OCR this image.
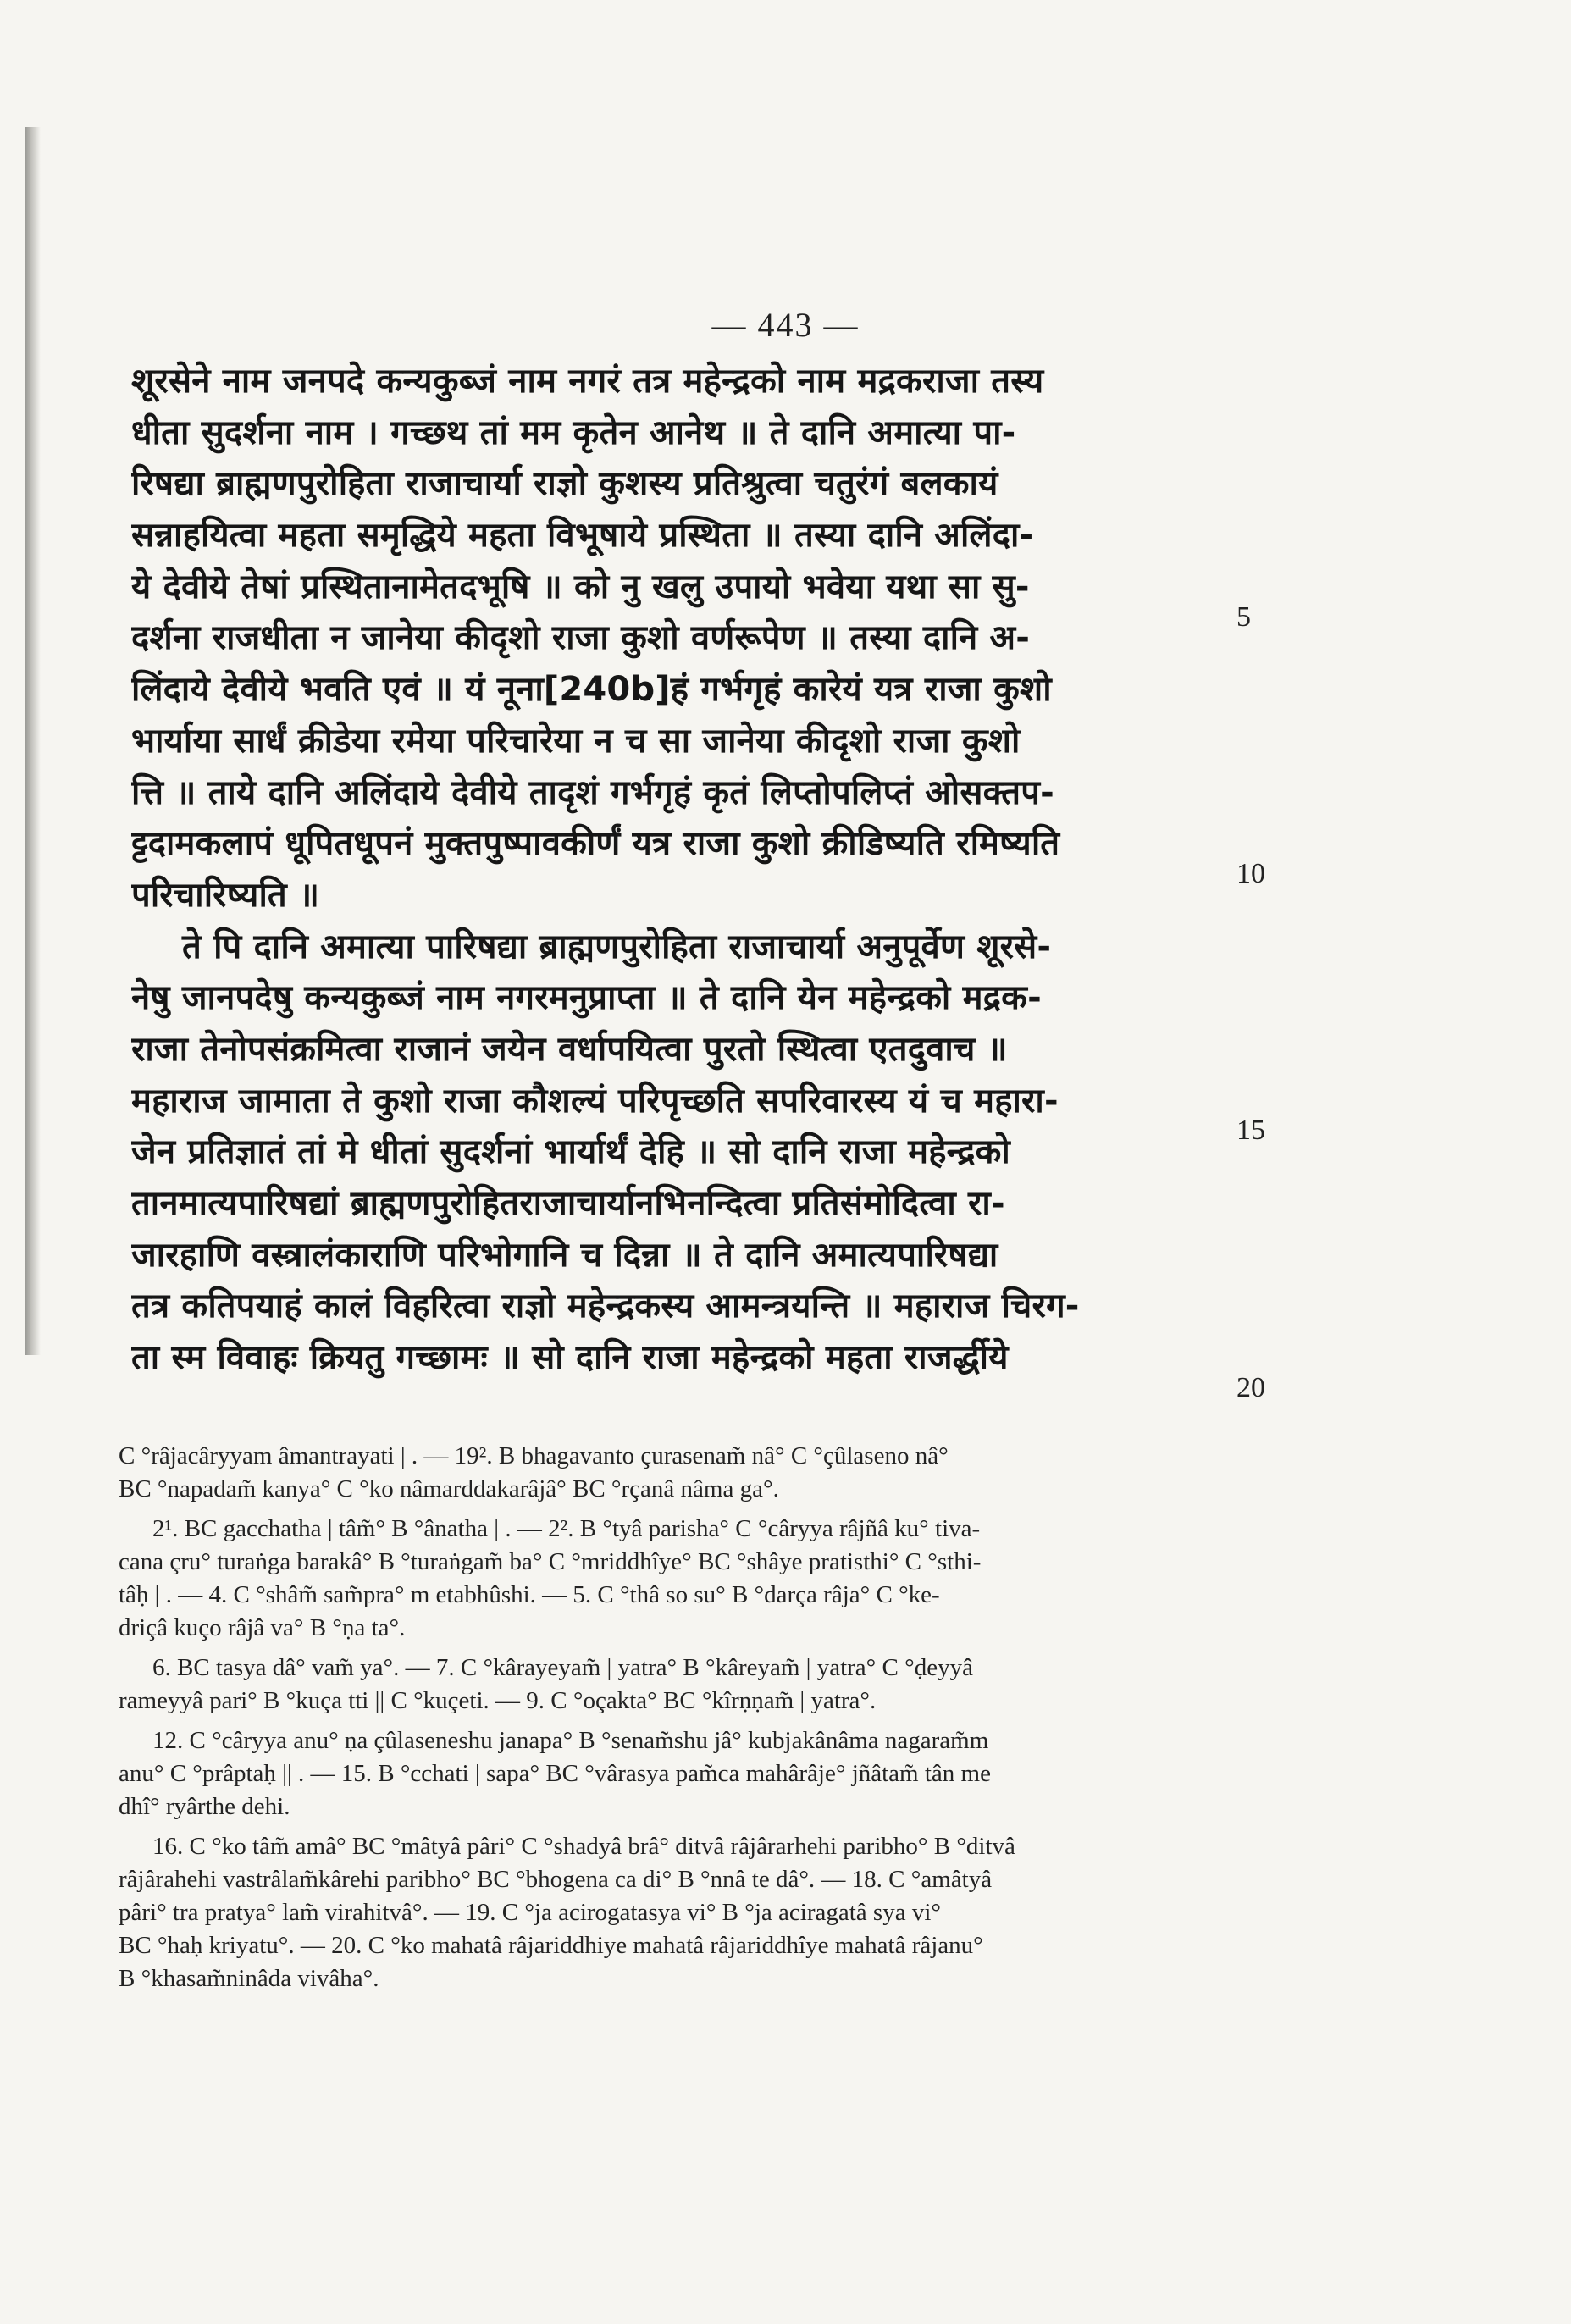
— 443 —
शूरसेने नाम जनपदे कन्यकुब्जं नाम नगरं तत्र महेन्द्रको नाम मद्रकराजा तस्य
धीता सुदर्शना नाम । गच्छथ तां मम कृतेन आनेथ ॥ ते दानि अमात्या पा-
रिषद्या ब्राह्मणपुरोहिता राजाचार्या राज्ञो कुशस्य प्रतिश्रुत्वा चतुरंगं बलकायं
सन्नाहयित्वा महता समृद्धिये महता विभूषाये प्रस्थिता ॥ तस्या दानि अलिंदा-
ये देवीये तेषां प्रस्थितानामेतदभूषि ॥ को नु खलु उपायो भवेया यथा सा सु-
दर्शना राजधीता न जानेया कीदृशो राजा कुशो वर्णरूपेण ॥ तस्या दानि अ-
लिंदाये देवीये भवति एवं ॥ यं नूना[240b]हं गर्भगृहं कारेयं यत्र राजा कुशो
भार्याया सार्धं क्रीडेया रमेया परिचारेया न च सा जानेया कीदृशो राजा कुशो
त्ति ॥ ताये दानि अलिंदाये देवीये तादृशं गर्भगृहं कृतं लिप्तोपलिप्तं ओसक्तप-
ट्टदामकलापं धूपितधूपनं मुक्तपुष्पावकीर्णं यत्र राजा कुशो क्रीडिष्यति रमिष्यति
परिचारिष्यति ॥
ते पि दानि अमात्या पारिषद्या ब्राह्मणपुरोहिता राजाचार्या अनुपूर्वेण शूरसे-
नेषु जानपदेषु कन्यकुब्जं नाम नगरमनुप्राप्ता ॥ ते दानि येन महेन्द्रको मद्रक-
राजा तेनोपसंक्रमित्वा राजानं जयेन वर्धापयित्वा पुरतो स्थित्वा एतदुवाच ॥
महाराज जामाता ते कुशो राजा कौशल्यं परिपृच्छति सपरिवारस्य यं च महारा-
जेन प्रतिज्ञातं तां मे धीतां सुदर्शनां भार्यार्थं देहि ॥ सो दानि राजा महेन्द्रको
तानमात्यपारिषद्यां ब्राह्मणपुरोहितराजाचार्यानभिनन्दित्वा प्रतिसंमोदित्वा रा-
जारहाणि वस्त्रालंकाराणि परिभोगानि च दिन्ना ॥ ते दानि अमात्यपारिषद्या
तत्र कतिपयाहं कालं विहरित्वा राज्ञो महेन्द्रकस्य आमन्त्रयन्ति ॥ महाराज चिरग-
ता स्म विवाहः क्रियतु गच्छामः ॥ सो दानि राजा महेन्द्रको महता राजर्द्धीये
5
10
15
20
C °râjacâryyam âmantrayati | . — 19². B bhagavanto çurasenam̃ nâ° C °çûlaseno nâ°
BC °napadam̃ kanya° C °ko nâmarddakarâjâ° BC °rçanâ nâma ga°.
2¹. BC gacchatha | tâm̃° B °ânatha | . — 2². B °tyâ parisha° C °câryya râjñâ ku° tiva-
cana çru° turaṅga barakâ° B °turaṅgam̃ ba° C °mriddhîye° BC °shâye pratisthi° C °sthi-
tâḥ | . — 4. C °shâm̃ sam̃pra° m etabhûshi. — 5. C °thâ so su° B °darça râja° C °ke-
driçâ kuço râjâ va° B °ṇa ta°.
6. BC tasya dâ° vam̃ ya°. — 7. C °kârayeyam̃ | yatra° B °kâreyam̃ | yatra° C °ḍeyyâ
rameyyâ pari° B °kuça tti || C °kuçeti. — 9. C °oçakta° BC °kîrṇṇam̃ | yatra°.
12. C °câryya anu° ṇa çûlaseneshu janapa° B °senam̃shu jâ° kubjakânâma nagaram̃m
anu° C °prâptaḥ || . — 15. B °cchati | sapa° BC °vârasya pam̃ca mahârâje° jñâtam̃ tân me
dhî° ryârthe dehi.
16. C °ko tâm̃ amâ° BC °mâtyâ pâri° C °shadyâ brâ° ditvâ râjârarhehi paribho° B °ditvâ
râjârahehi vastrâlam̃kârehi paribho° BC °bhogena ca di° B °nnâ te dâ°. — 18. C °amâtyâ
pâri° tra pratya° lam̃ virahitvâ°. — 19. C °ja acirogatasya vi° B °ja aciragatâ sya vi°
BC °haḥ kriyatu°. — 20. C °ko mahatâ râjariddhiye mahatâ râjariddhîye mahatâ râjanu°
B °khasam̃ninâda vivâha°.
